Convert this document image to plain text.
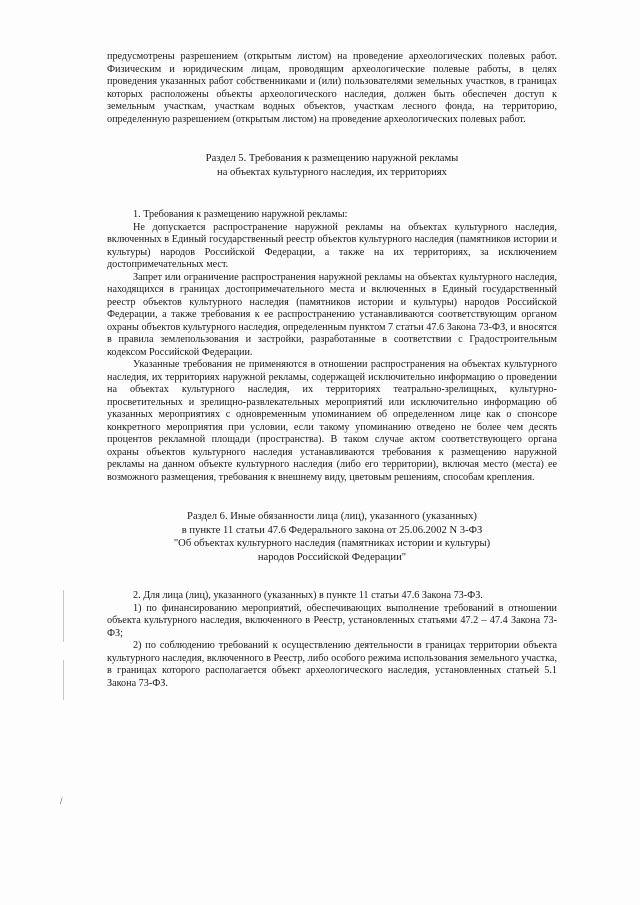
/

предусмотрены разрешением (открытым листом) на проведение археологических полевых работ. Физическим и юридическим лицам, проводящим археологические полевые работы, в целях проведения указанных работ собственниками и (или) пользователями земельных участков, в границах которых расположены объекты археологического наследия, должен быть обеспечен доступ к земельным участкам, участкам водных объектов, участкам лесного фонда, на территорию, определенную разрешением (открытым листом) на проведение археологических полевых работ.

Раздел 5. Требования к размещению наружной рекламы
на объектах культурного наследия, их территориях

1. Требования к размещению наружной рекламы:

Не допускается распространение наружной рекламы на объектах культурного наследия, включенных в Единый государственный реестр объектов культурного наследия (памятников истории и культуры) народов Российской Федерации, а также на их территориях, за исключением достопримечательных мест.

Запрет или ограничение распространения наружной рекламы на объектах культурного наследия, находящихся в границах достопримечательного места и включенных в Единый государственный реестр объектов культурного наследия (памятников истории и культуры) народов Российской Федерации, а также требования к ее распространению устанавливаются соответствующим органом охраны объектов культурного наследия, определенным пунктом 7 статьи 47.6 Закона 73-ФЗ, и вносятся в правила землепользования и застройки, разработанные в соответствии с Градостроительным кодексом Российской Федерации.

Указанные требования не применяются в отношении распространения на объектах культурного наследия, их территориях наружной рекламы, содержащей исключительно информацию о проведении на объектах культурного наследия, их территориях театрально-зрелищных, культурно-просветительных и зрелищно-развлекательных мероприятий или исключительно информацию об указанных мероприятиях с одновременным упоминанием об определенном лице как о спонсоре конкретного мероприятия при условии, если такому упоминанию отведено не более чем десять процентов рекламной площади (пространства). В таком случае актом соответствующего органа охраны объектов культурного наследия устанавливаются требования к размещению наружной рекламы на данном объекте культурного наследия (либо его территории), включая место (места) ее возможного размещения, требования к внешнему виду, цветовым решениям, способам крепления.

Раздел 6. Иные обязанности лица (лиц), указанного (указанных)
в пункте 11 статьи 47.6 Федерального закона от 25.06.2002 N 3-ФЗ
"Об объектах культурного наследия (памятниках истории и культуры)
народов Российской Федерации"

2. Для лица (лиц), указанного (указанных) в пункте 11 статьи 47.6 Закона 73-ФЗ.

1) по финансированию мероприятий, обеспечивающих выполнение требований в отношении объекта культурного наследия, включенного в Реестр, установленных статьями 47.2 – 47.4 Закона 73-ФЗ;

2) по соблюдению требований к осуществлению деятельности в границах территории объекта культурного наследия, включенного в Реестр, либо особого режима использования земельного участка, в границах которого располагается объект археологического наследия, установленных статьей 5.1 Закона 73-ФЗ.
